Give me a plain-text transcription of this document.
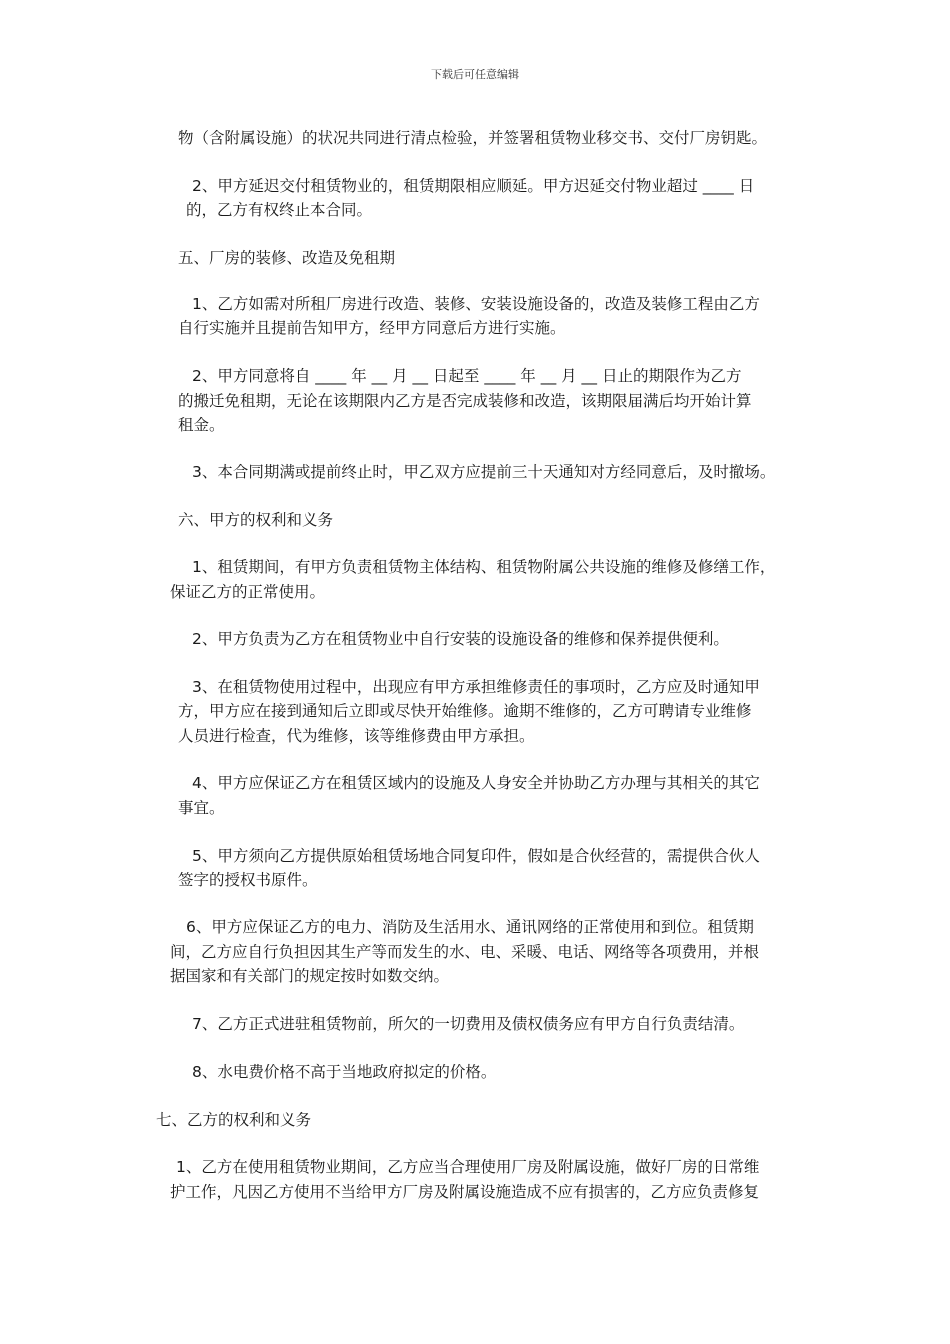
下载后可任意编辑
物（含附属设施）的状况共同进行清点检验，并签署租赁物业移交书、交付厂房钥匙。
2、甲方延迟交付租赁物业的，租赁期限相应顺延。甲方迟延交付物业超过 ____ 日
的，乙方有权终止本合同。
五、厂房的装修、改造及免租期
1、乙方如需对所租厂房进行改造、装修、安装设施设备的，改造及装修工程由乙方
自行实施并且提前告知甲方，经甲方同意后方进行实施。
2、甲方同意将自 ____ 年 __ 月 __ 日起至 ____ 年 __ 月 __ 日止的期限作为乙方
的搬迁免租期，无论在该期限内乙方是否完成装修和改造，该期限届满后均开始计算
租金。
3、本合同期满或提前终止时，甲乙双方应提前三十天通知对方经同意后，及时撤场。
六、甲方的权利和义务
1、租赁期间，有甲方负责租赁物主体结构、租赁物附属公共设施的维修及修缮工作，
保证乙方的正常使用。
2、甲方负责为乙方在租赁物业中自行安装的设施设备的维修和保养提供便利。
3、在租赁物使用过程中，出现应有甲方承担维修责任的事项时，乙方应及时通知甲
方，甲方应在接到通知后立即或尽快开始维修。逾期不维修的，乙方可聘请专业维修
人员进行检查，代为维修，该等维修费由甲方承担。
4、甲方应保证乙方在租赁区域内的设施及人身安全并协助乙方办理与其相关的其它
事宜。
5、甲方须向乙方提供原始租赁场地合同复印件，假如是合伙经营的，需提供合伙人
签字的授权书原件。
6、甲方应保证乙方的电力、消防及生活用水、通讯网络的正常使用和到位。租赁期
间，乙方应自行负担因其生产等而发生的水、电、采暖、电话、网络等各项费用，并根
据国家和有关部门的规定按时如数交纳。
7、乙方正式进驻租赁物前，所欠的一切费用及债权债务应有甲方自行负责结清。
8、水电费价格不高于当地政府拟定的价格。
七、乙方的权利和义务
1、乙方在使用租赁物业期间，乙方应当合理使用厂房及附属设施，做好厂房的日常维
护工作，凡因乙方使用不当给甲方厂房及附属设施造成不应有损害的，乙方应负责修复
